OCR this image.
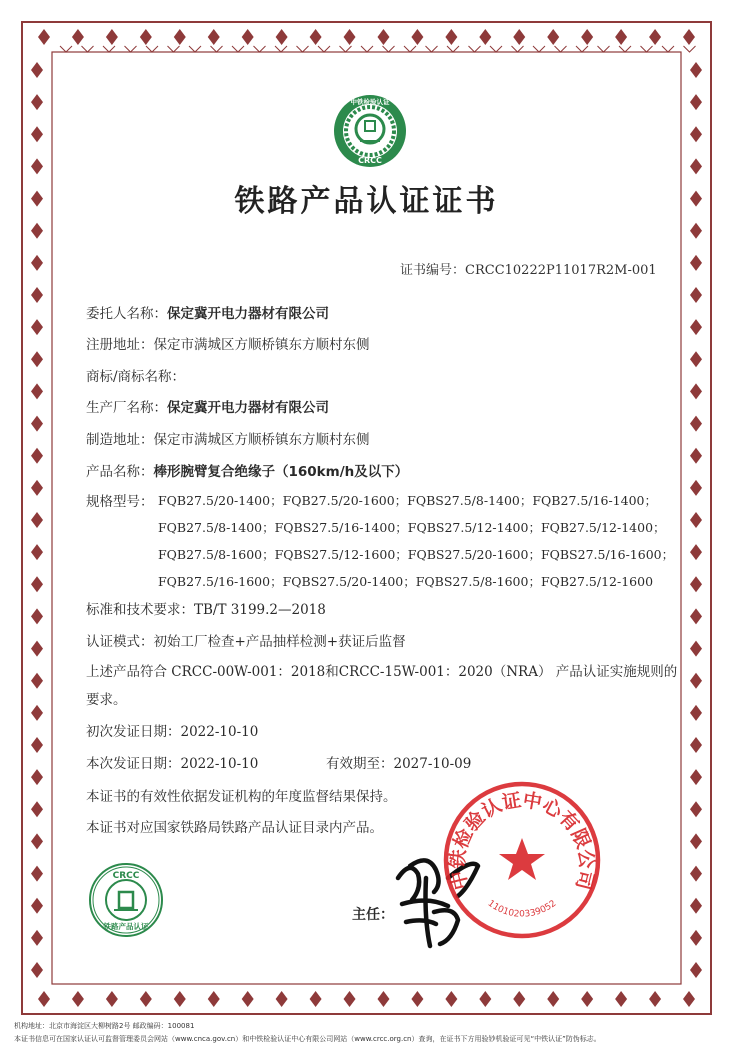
中铁检验认证
CRCC
铁路产品认证证书
证书编号：CRCC10222P11017R2M-001
委托人名称：保定冀开电力器材有限公司
注册地址：保定市满城区方顺桥镇东方顺村东侧
商标/商标名称：
生产厂名称：保定冀开电力器材有限公司
制造地址：保定市满城区方顺桥镇东方顺村东侧
产品名称：棒形腕臂复合绝缘子（160km/h及以下）
规格型号： FQB27.5/20-1400；FQB27.5/20-1600；FQBS27.5/8-1400；FQB27.5/16-1400；
FQB27.5/8-1400；FQBS27.5/16-1400；FQBS27.5/12-1400；FQB27.5/12-1400；
FQB27.5/8-1600；FQBS27.5/12-1600；FQBS27.5/20-1600；FQBS27.5/16-1600；
FQB27.5/16-1600；FQBS27.5/20-1400；FQBS27.5/8-1600；FQB27.5/12-1600
标准和技术要求：TB/T 3199.2—2018
认证模式：初始工厂检查+产品抽样检测+获证后监督
上述产品符合 CRCC-00W-001：2018和CRCC-15W-001：2020（NRA） 产品认证实施规则的
要求。
初次发证日期：2022-10-10
本次发证日期：2022-10-10	有效期至：2027-10-09
本证书的有效性依据发证机构的年度监督结果保持。
本证书对应国家铁路局铁路产品认证目录内产品。
CRCC
铁路产品认证
主任：
中铁检验认证中心有限公司
1101020339052
机构地址：北京市海淀区大柳树路2号 邮政编码：100081
本证书信息可在国家认证认可监督管理委员会网站（www.cnca.gov.cn）和中铁检验认证中心有限公司网站（www.crcc.org.cn）查询，在证书下方用验钞机验证可见“中铁认证”防伪标志。
